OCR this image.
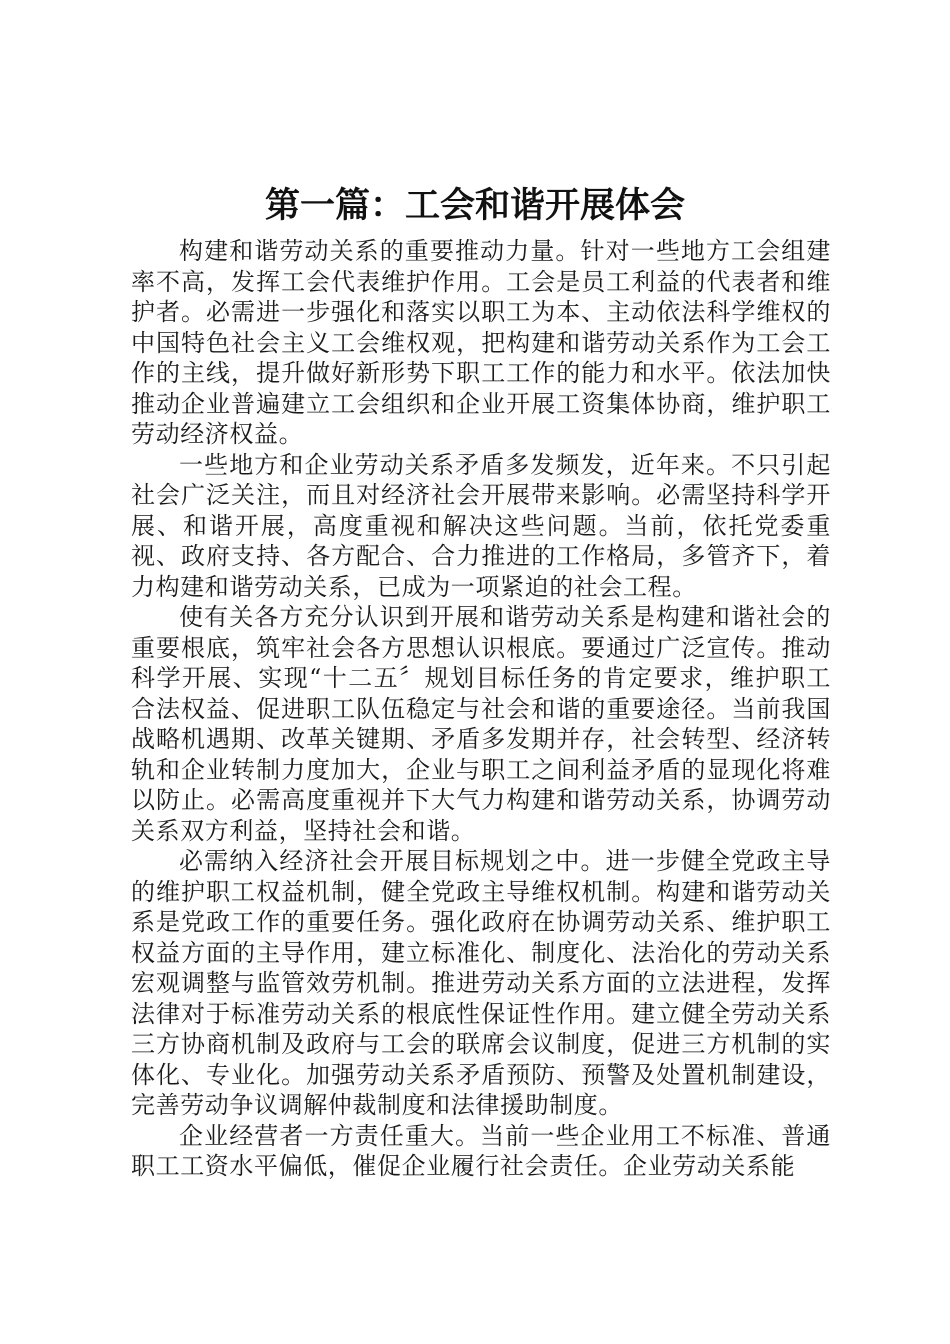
第一篇：工会和谐开展体会

构建和谐劳动关系的重要推动力量。针对一些地方工会组建率不高，发挥工会代表维护作用。工会是员工利益的代表者和维护者。必需进一步强化和落实以职工为本、主动依法科学维权的中国特色社会主义工会维权观，把构建和谐劳动关系作为工会工作的主线，提升做好新形势下职工工作的能力和水平。依法加快推动企业普遍建立工会组织和企业开展工资集体协商，维护职工劳动经济权益。

一些地方和企业劳动关系矛盾多发频发，近年来。不只引起社会广泛关注，而且对经济社会开展带来影响。必需坚持科学开展、和谐开展，高度重视和解决这些问题。当前，依托党委重视、政府支持、各方配合、合力推进的工作格局，多管齐下，着力构建和谐劳动关系，已成为一项紧迫的社会工程。

使有关各方充分认识到开展和谐劳动关系是构建和谐社会的重要根底，筑牢社会各方思想认识根底。要通过广泛宣传。推动科学开展、实现“十二五〞规划目标任务的肯定要求，维护职工合法权益、促进职工队伍稳定与社会和谐的重要途径。当前我国战略机遇期、改革关键期、矛盾多发期并存，社会转型、经济转轨和企业转制力度加大，企业与职工之间利益矛盾的显现化将难以防止。必需高度重视并下大气力构建和谐劳动关系，协调劳动关系双方利益，坚持社会和谐。

必需纳入经济社会开展目标规划之中。进一步健全党政主导的维护职工权益机制，健全党政主导维权机制。构建和谐劳动关系是党政工作的重要任务。强化政府在协调劳动关系、维护职工权益方面的主导作用，建立标准化、制度化、法治化的劳动关系宏观调整与监管效劳机制。推进劳动关系方面的立法进程，发挥法律对于标准劳动关系的根底性保证性作用。建立健全劳动关系三方协商机制及政府与工会的联席会议制度，促进三方机制的实体化、专业化。加强劳动关系矛盾预防、预警及处置机制建设，完善劳动争议调解仲裁制度和法律援助制度。

企业经营者一方责任重大。当前一些企业用工不标准、普通职工工资水平偏低，催促企业履行社会责任。企业劳动关系能
